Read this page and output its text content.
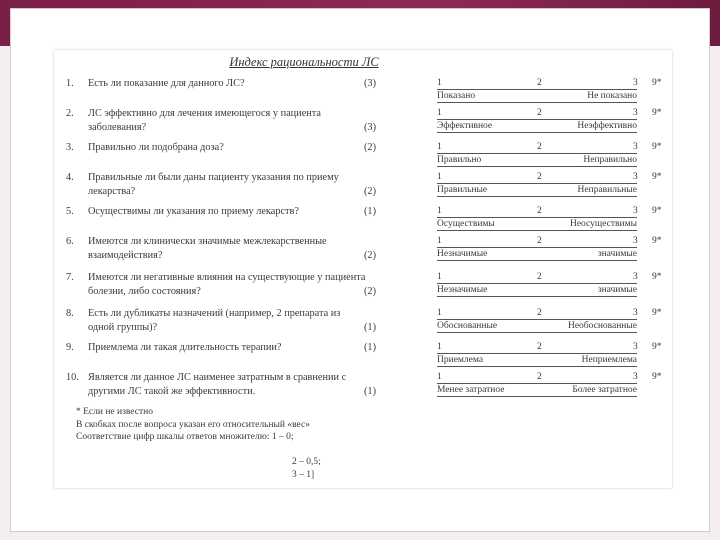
Индекс рациональности ЛС
1. Есть ли показание для данного ЛС?	(3)	1	2	3
Показано	Не показано
9*
2. ЛС эффективно для лечения имеющегося у пациента
заболевания?	(3)
1	2	3
Эффективное	Неэффективно
9*
3. Правильно ли подобрана доза?	(2)	1	2	3
Правильно	Неправильно
9*
4. Правильные ли были даны пациенту указания по приему
лекарства?	(2)
1	2	3
Правильные	Неправильные
9*
5. Осуществимы ли указания по приему лекарств?	(1)	1	2	3
Осуществимы	Неосуществимы
9*
6. Имеются ли клинически значимые межлекарственные
взаимодействия?	(2)
1	2	3
Незначимые	значимые
9*
7. Имеются ли негативные влияния на существующие у пациента
болезни, либо состояния?	(2)
1	2	3
Незначимые	значимые
9*
8. Есть ли дубликаты назначений (например, 2 препарата из
одной группы)?	(1)
1	2	3
Обоснованные	Необоснованные
9*
9. Приемлема ли такая длительность терапии?	(1)	1	2	3
Приемлема	Неприемлема
9*
10. Является ли данное ЛС наименее затратным в сравнении с
другими ЛС такой же эффективности.	(1)
1	2	3
Менее затратное	Более затратное
9*
* Если не известно
В скобках после вопроса указан его относительный «вес»
Соответствие цифр шкалы ответов множителю: 1 – 0;
2 – 0,5;
3 – 1]
